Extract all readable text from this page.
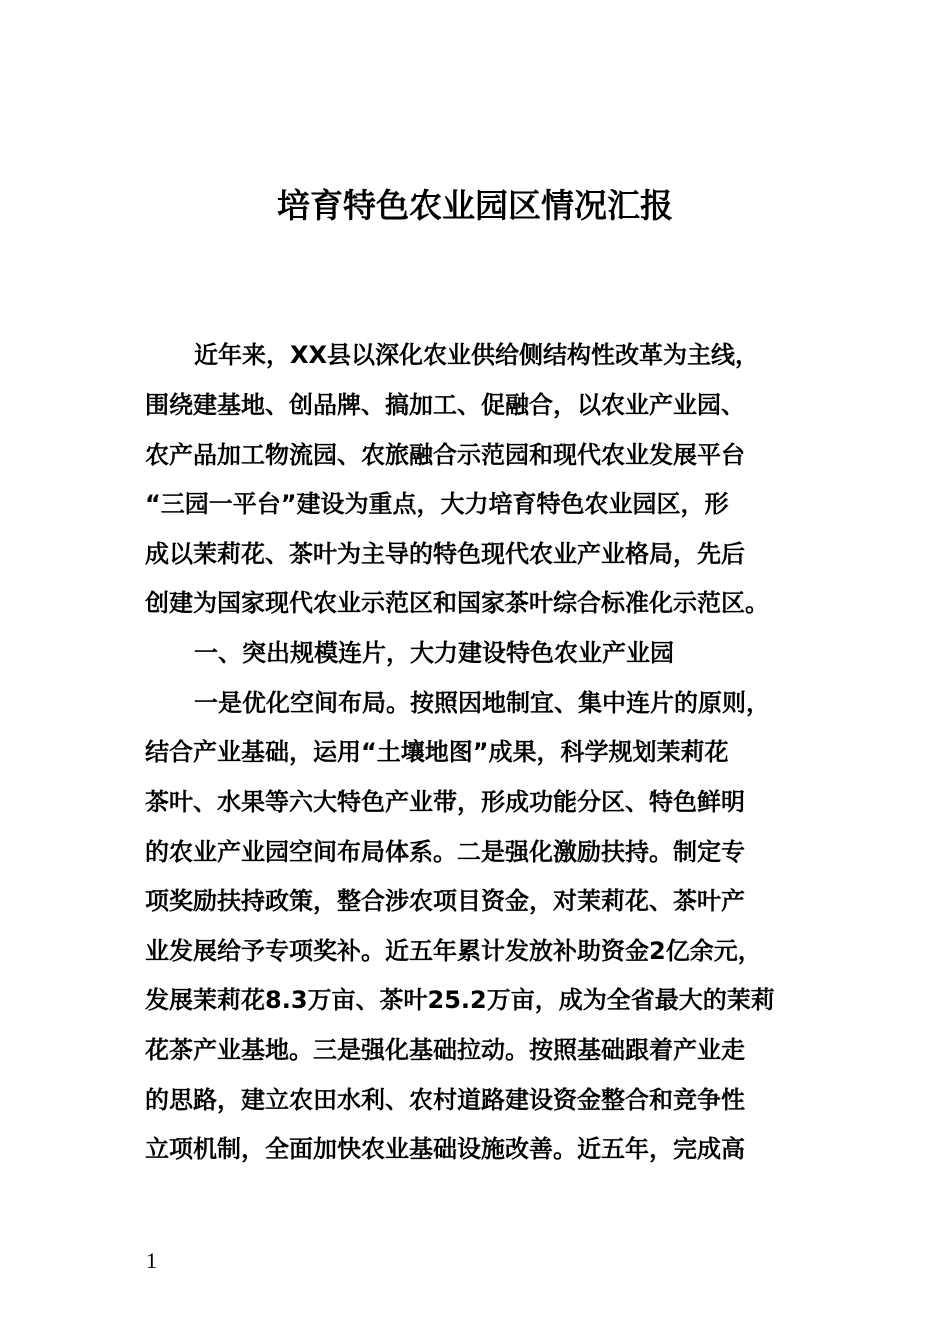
培育特色农业园区情况汇报

近年来，XX县以深化农业供给侧结构性改革为主线，

围绕建基地、创品牌、搞加工、促融合，以农业产业园、

农产品加工物流园、农旅融合示范园和现代农业发展平台

“三园一平台”建设为重点，大力培育特色农业园区，形

成以茉莉花、茶叶为主导的特色现代农业产业格局，先后

创建为国家现代农业示范区和国家茶叶综合标准化示范区。

一、突出规模连片，大力建设特色农业产业园

一是优化空间布局。按照因地制宜、集中连片的原则，

结合产业基础，运用“土壤地图”成果，科学规划茉莉花

茶叶、水果等六大特色产业带，形成功能分区、特色鲜明

的农业产业园空间布局体系。二是强化激励扶持。制定专

项奖励扶持政策，整合涉农项目资金，对茉莉花、茶叶产

业发展给予专项奖补。近五年累计发放补助资金2亿余元，

发展茉莉花8.3万亩、茶叶25.2万亩，成为全省最大的茉莉

花茶产业基地。三是强化基础拉动。按照基础跟着产业走

的思路，建立农田水利、农村道路建设资金整合和竞争性

立项机制，全面加快农业基础设施改善。近五年，完成高

1
